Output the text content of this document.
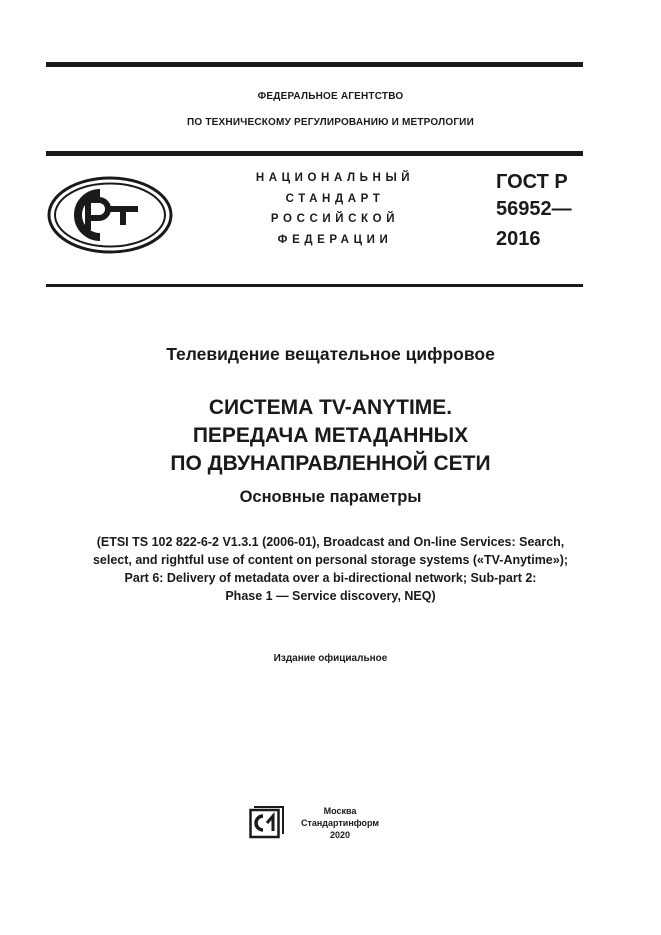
ФЕДЕРАЛЬНОЕ АГЕНТСТВО
ПО ТЕХНИЧЕСКОМУ РЕГУЛИРОВАНИЮ И МЕТРОЛОГИИ
НАЦИОНАЛЬНЫЙ
СТАНДАРТ
РОССИЙСКОЙ
ФЕДЕРАЦИИ
ГОСТ Р
56952—
2016
Телевидение вещательное цифровое
СИСТЕМА TV-ANYTIME.
ПЕРЕДАЧА МЕТАДАННЫХ
ПО ДВУНАПРАВЛЕННОЙ СЕТИ
Основные параметры
(ETSI TS 102 822-6-2 V1.3.1 (2006-01), Broadcast and On-line Services: Search,
select, and rightful use of content on personal storage systems («TV-Anytime»);
Part 6: Delivery of metadata over a bi-directional network; Sub-part 2:
Phase 1 — Service discovery, NEQ)
Издание официальное
Москва
Стандартинформ
2020
